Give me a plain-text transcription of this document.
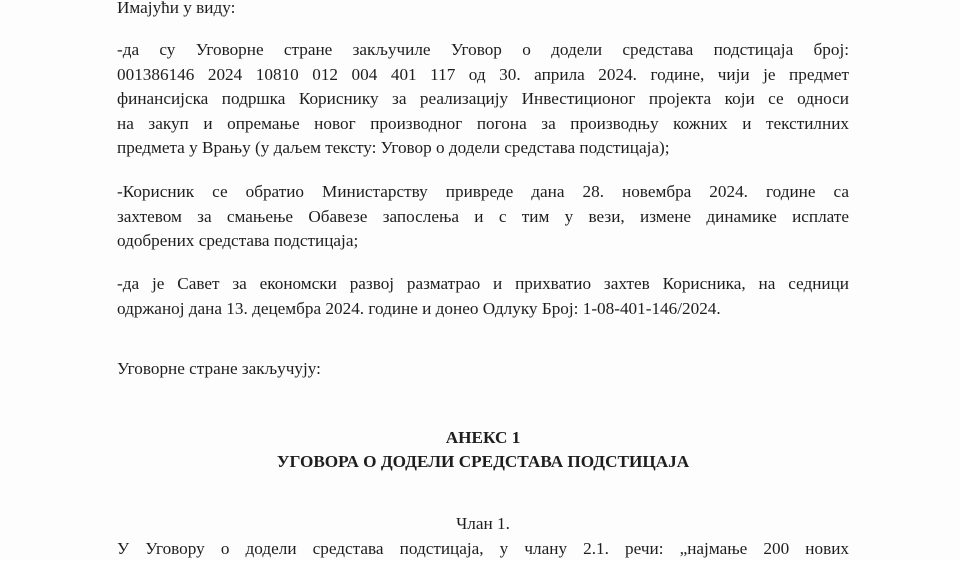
Имајући у виду:
-да су Уговорне стране закључиле Уговор о додели средстава подстицаја број:
001386146 2024 10810 012 004 401 117 од 30. априла 2024. године, чији је предмет
финансијска подршка Кориснику за реализацију Инвестиционог пројекта који се односи
на закуп и опремање новог производног погона за производњу кожних и текстилних
предмета у Врању (у даљем тексту: Уговор о додели средстава подстицаја);
-Корисник се обратио Министарству привреде дана 28. новембра 2024. године са
захтевом за смањење Обавезе запослења и с тим у вези, измене динамике исплате
одобрених средстава подстицаја;
-да је Савет за економски развој разматрао и прихватио захтев Корисника, на седници
одржаној дана 13. децембра 2024. године и донео Одлуку Број: 1-08-401-146/2024.
Уговорне стране закључују:
АНЕКС 1
УГОВОРА О ДОДЕЛИ СРЕДСТАВА ПОДСТИЦАЈА
Члан 1.
У Уговору о додели средстава подстицаја, у члану 2.1. речи: „најмање 200 нових
